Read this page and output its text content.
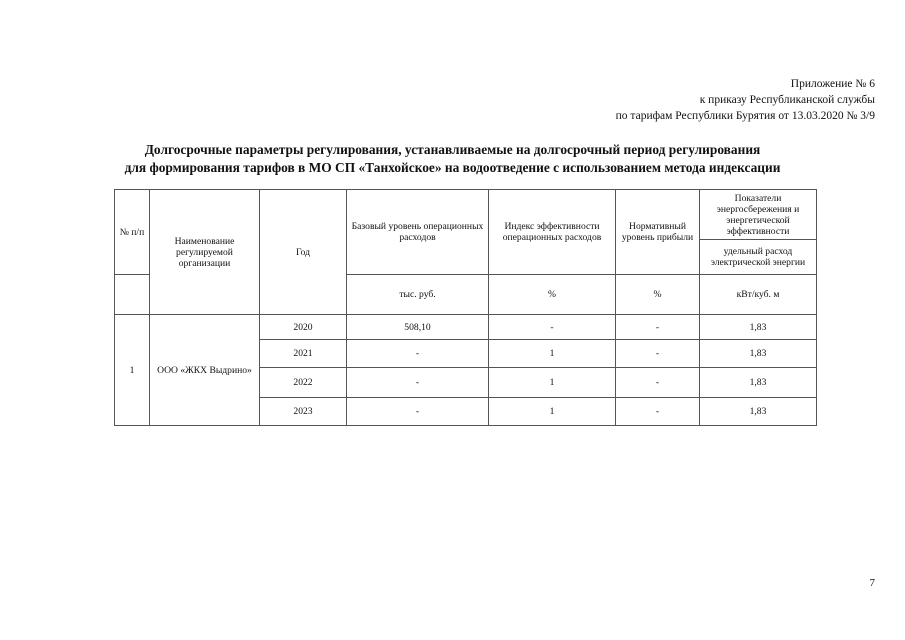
Приложение № 6
к приказу Республиканской службы
по тарифам Республики Бурятия от 13.03.2020 № 3/9
Долгосрочные параметры регулирования, устанавливаемые на долгосрочный период регулирования
для формирования тарифов в МО СП «Танхойское» на водоотведение с использованием метода индексации
№ п/п	Наименование регулируемой организации	Год	Базовый уровень операционных расходов	Индекс эффективности операционных расходов	Нормативный уровень прибыли	Показатели энергосбережения и энергетической эффективности
						удельный расход электрической энергии
			тыс. руб.	%	%	кВт/куб. м
1	ООО «ЖКХ Выдрино»	2020	508,10	-	-	1,83
		2021	-	1	-	1,83
		2022	-	1	-	1,83
		2023	-	1	-	1,83
7
